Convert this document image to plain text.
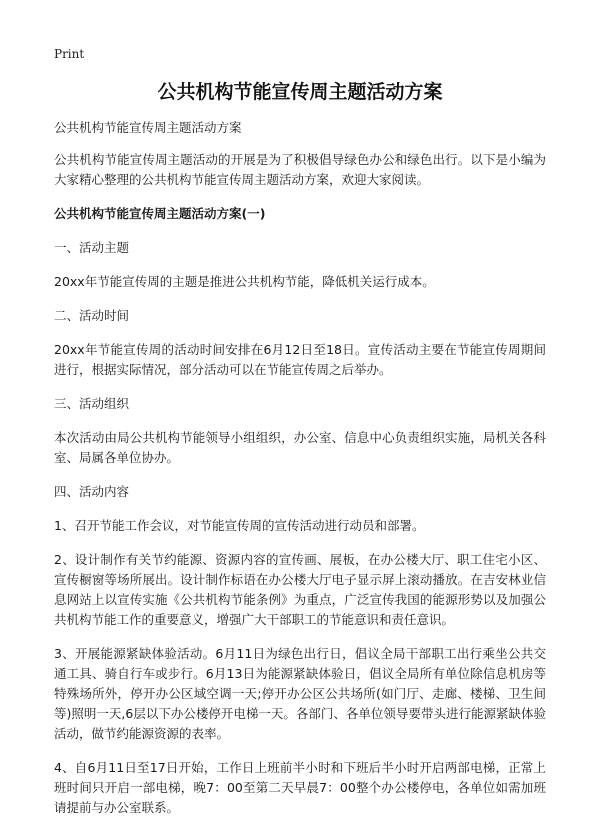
Print
公共机构节能宣传周主题活动方案

公共机构节能宣传周主题活动方案

公共机构节能宣传周主题活动的开展是为了积极倡导绿色办公和绿色出行。以下是小编为大家精心整理的公共机构节能宣传周主题活动方案，欢迎大家阅读。

公共机构节能宣传周主题活动方案(一)

一、活动主题

20xx年节能宣传周的主题是推进公共机构节能，降低机关运行成本。

二、活动时间

20xx年节能宣传周的活动时间安排在6月12日至18日。宣传活动主要在节能宣传周期间进行，根据实际情况，部分活动可以在节能宣传周之后举办。

三、活动组织

本次活动由局公共机构节能领导小组组织，办公室、信息中心负责组织实施，局机关各科室、局属各单位协办。

四、活动内容

1、召开节能工作会议，对节能宣传周的宣传活动进行动员和部署。

2、设计制作有关节约能源、资源内容的宣传画、展板，在办公楼大厅、职工住宅小区、宣传橱窗等场所展出。设计制作标语在办公楼大厅电子显示屏上滚动播放。在吉安林业信息网站上以宣传实施《公共机构节能条例》为重点，广泛宣传我国的能源形势以及加强公共机构节能工作的重要意义，增强广大干部职工的节能意识和责任意识。

3、开展能源紧缺体验活动。6月11日为绿色出行日，倡议全局干部职工出行乘坐公共交通工具、骑自行车或步行。6月13日为能源紧缺体验日，倡议全局所有单位除信息机房等特殊场所外，停开办公区域空调一天;停开办公区公共场所(如门厅、走廊、楼梯、卫生间等)照明一天,6层以下办公楼停开电梯一天。各部门、各单位领导要带头进行能源紧缺体验活动，做节约能源资源的表率。

4、自6月11日至17日开始，工作日上班前半小时和下班后半小时开启两部电梯，正常上班时间只开启一部电梯，晚7：00至第二天早晨7：00整个办公楼停电，各单位如需加班请提前与办公室联系。
